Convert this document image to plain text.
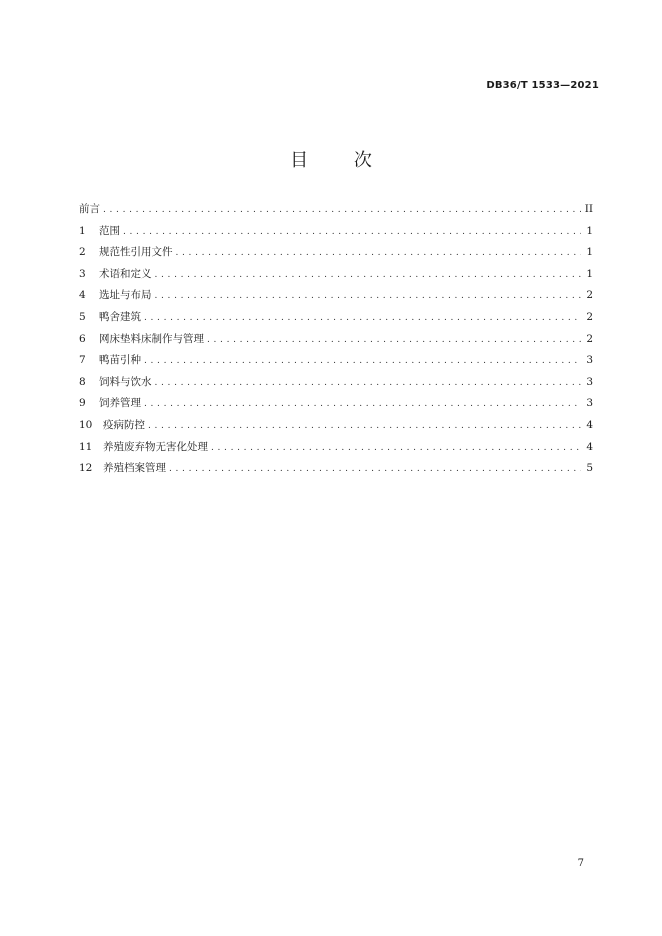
DB36/T 1533—2021
目 次
前言 . . .	II
1	范围 . . .	1
2	规范性引用文件 . . .	1
3	术语和定义 . . .	1
4	选址与布局 . . .	2
5	鸭舍建筑 . . .	2
6	网床垫料床制作与管理 . . .	2
7	鸭苗引种 . . .	3
8	饲料与饮水 . . .	3
9	饲养管理 . . .	3
10	疫病防控 . . .	4
11	养殖废弃物无害化处理 . . .	4
12	养殖档案管理 . . .	5
7
